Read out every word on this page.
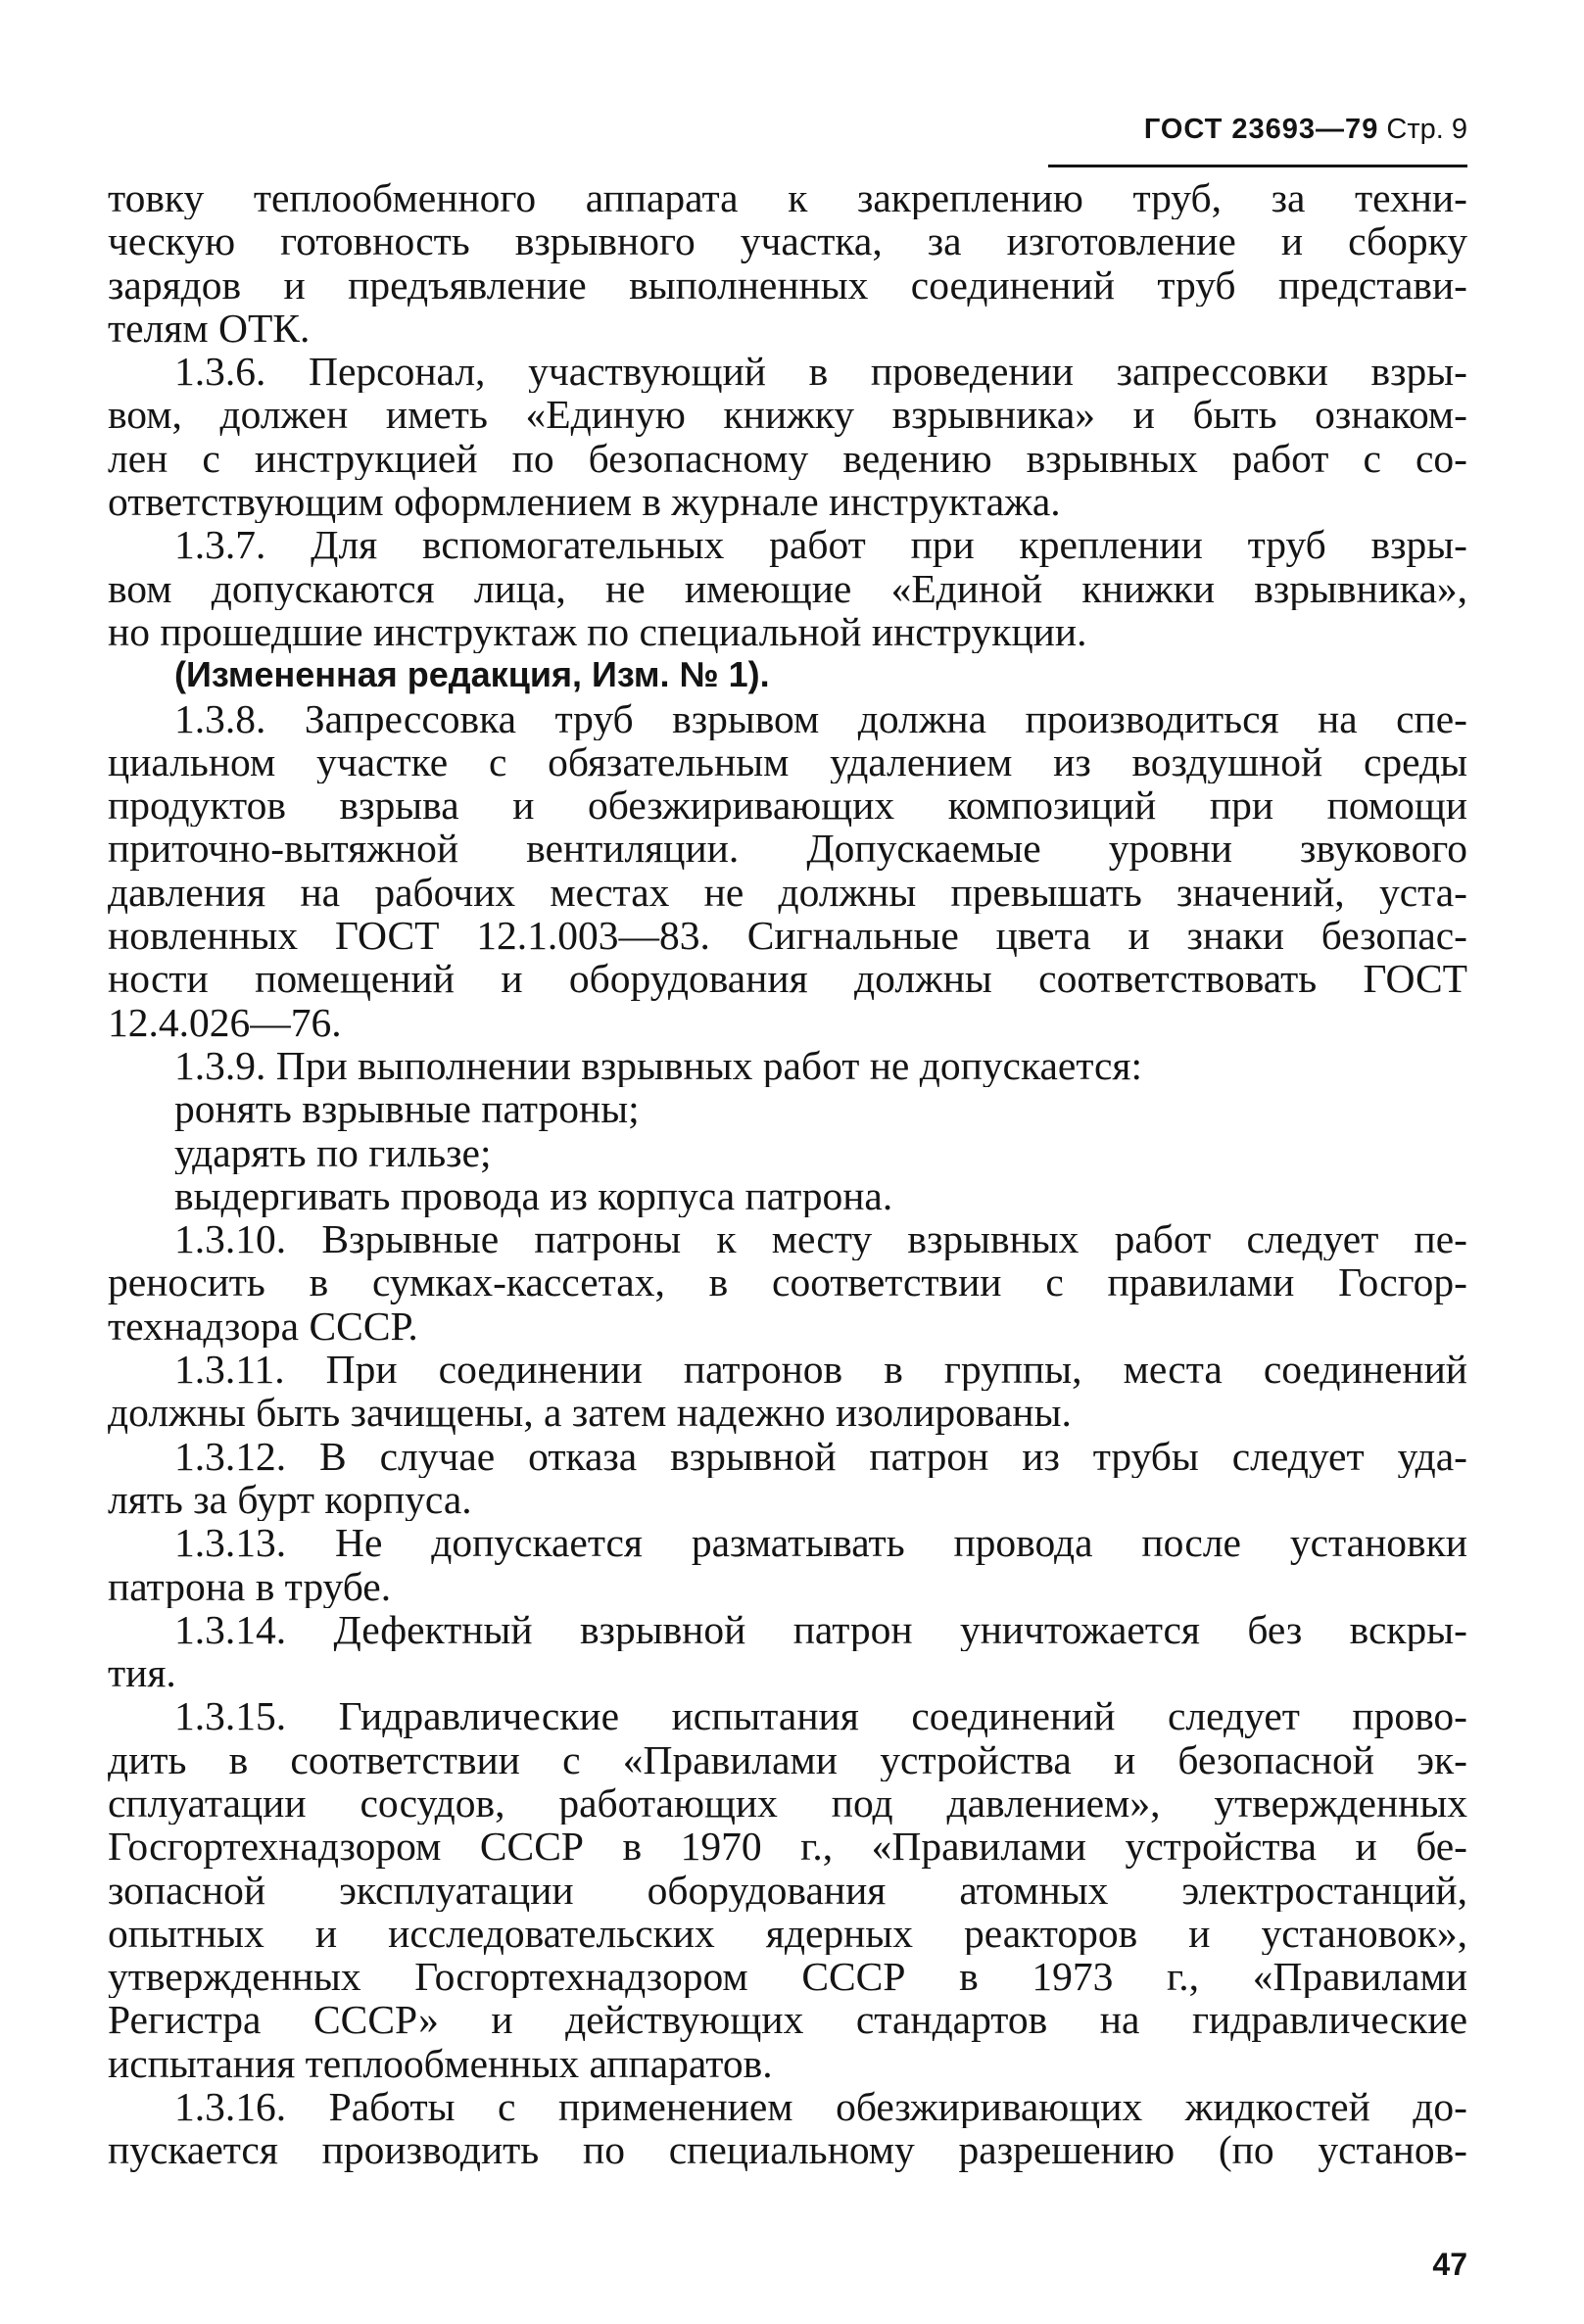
ГОСТ 23693—79 Стр. 9
товку теплообменного аппарата к закреплению труб, за техни-
ческую готовность взрывного участка, за изготовление и сборку
зарядов и предъявление выполненных соединений труб представи-
телям ОТК.
1.3.6. Персонал, участвующий в проведении запрессовки взры-
вом, должен иметь «Единую книжку взрывника» и быть ознаком-
лен с инструкцией по безопасному ведению взрывных работ с со-
ответствующим оформлением в журнале инструктажа.
1.3.7. Для вспомогательных работ при креплении труб взры-
вом допускаются лица, не имеющие «Единой книжки взрывника»,
но прошедшие инструктаж по специальной инструкции.
(Измененная редакция, Изм. № 1).
1.3.8. Запрессовка труб взрывом должна производиться на спе-
циальном участке с обязательным удалением из воздушной среды
продуктов взрыва и обезжиривающих композиций при помощи
приточно-вытяжной вентиляции. Допускаемые уровни звукового
давления на рабочих местах не должны превышать значений, уста-
новленных ГОСТ 12.1.003—83. Сигнальные цвета и знаки безопас-
ности помещений и оборудования должны соответствовать ГОСТ
12.4.026—76.
1.3.9. При выполнении взрывных работ не допускается:
ронять взрывные патроны;
ударять по гильзе;
выдергивать провода из корпуса патрона.
1.3.10. Взрывные патроны к месту взрывных работ следует пе-
реносить в сумках-кассетах, в соответствии с правилами Госгор-
технадзора СССР.
1.3.11. При соединении патронов в группы, места соединений
должны быть зачищены, а затем надежно изолированы.
1.3.12. В случае отказа взрывной патрон из трубы следует уда-
лять за бурт корпуса.
1.3.13. Не допускается разматывать провода после установки
патрона в трубе.
1.3.14. Дефектный взрывной патрон уничтожается без вскры-
тия.
1.3.15. Гидравлические испытания соединений следует прово-
дить в соответствии с «Правилами устройства и безопасной эк-
сплуатации сосудов, работающих под давлением», утвержденных
Госгортехнадзором СССР в 1970 г., «Правилами устройства и бе-
зопасной эксплуатации оборудования атомных электростанций,
опытных и исследовательских ядерных реакторов и установок»,
утвержденных Госгортехнадзором СССР в 1973 г., «Правилами
Регистра СССР» и действующих стандартов на гидравлические
испытания теплообменных аппаратов.
1.3.16. Работы с применением обезжиривающих жидкостей до-
пускается производить по специальному разрешению (по установ-
47
